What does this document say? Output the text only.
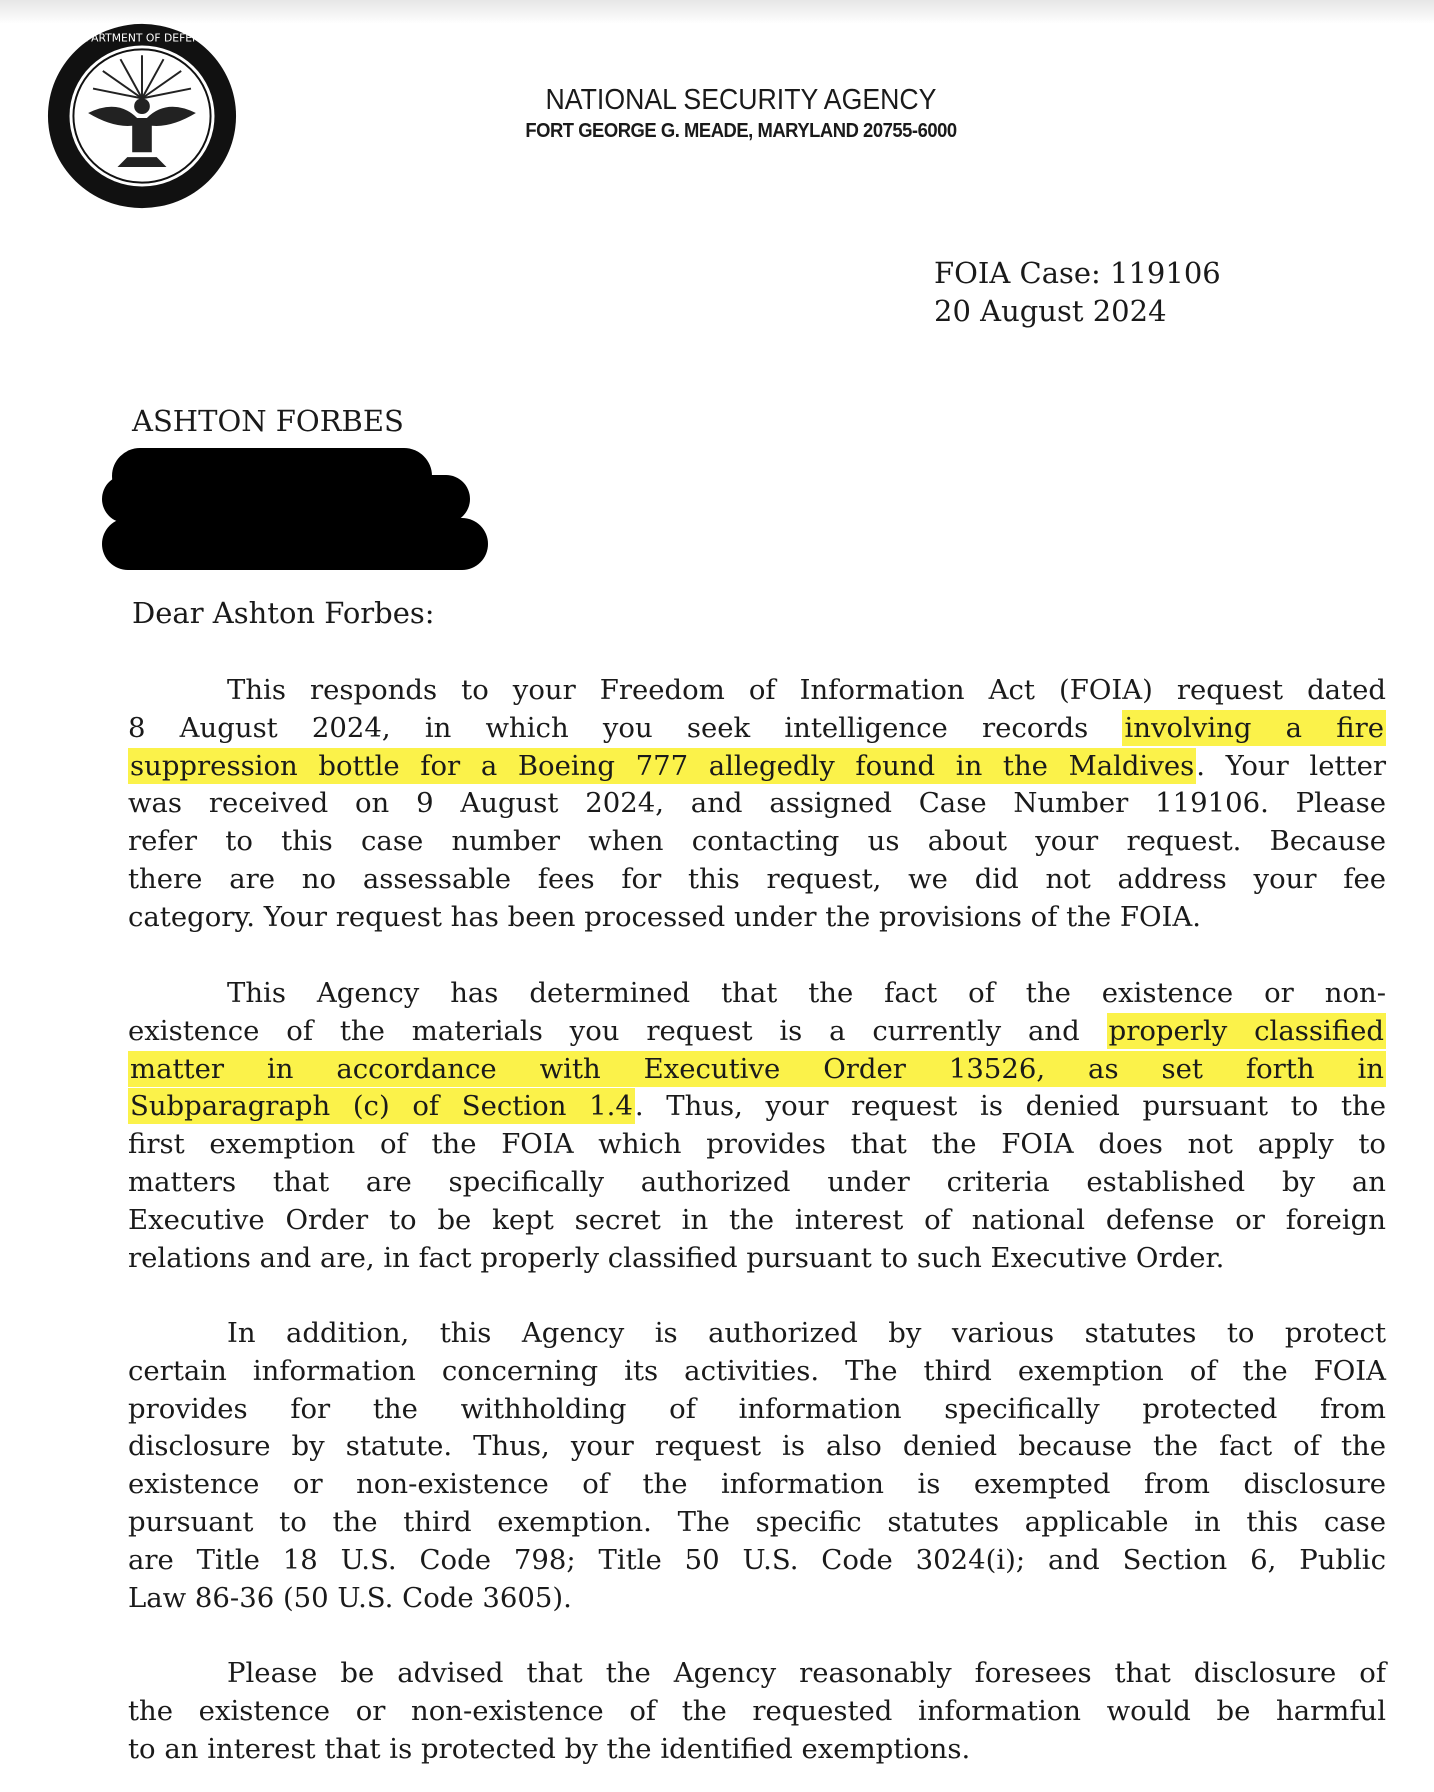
DEPARTMENT OF DEFENSE
NATIONAL SECURITY AGENCY
FORT GEORGE G. MEADE, MARYLAND 20755-6000
FOIA Case: 119106
20 August 2024
ASHTON FORBES
Dear Ashton Forbes:
This responds to your Freedom of Information Act (FOIA) request dated
8 August 2024, in which you seek intelligence records involving a fire
suppression bottle for a Boeing 777 allegedly found in the Maldives. Your letter
was received on 9 August 2024, and assigned Case Number 119106. Please
refer to this case number when contacting us about your request. Because
there are no assessable fees for this request, we did not address your fee
category. Your request has been processed under the provisions of the FOIA.
This Agency has determined that the fact of the existence or non-
existence of the materials you request is a currently and properly classified
matter in accordance with Executive Order 13526, as set forth in
Subparagraph (c) of Section 1.4. Thus, your request is denied pursuant to the
first exemption of the FOIA which provides that the FOIA does not apply to
matters that are specifically authorized under criteria established by an
Executive Order to be kept secret in the interest of national defense or foreign
relations and are, in fact properly classified pursuant to such Executive Order.
In addition, this Agency is authorized by various statutes to protect
certain information concerning its activities. The third exemption of the FOIA
provides for the withholding of information specifically protected from
disclosure by statute. Thus, your request is also denied because the fact of the
existence or non-existence of the information is exempted from disclosure
pursuant to the third exemption. The specific statutes applicable in this case
are Title 18 U.S. Code 798; Title 50 U.S. Code 3024(i); and Section 6, Public
Law 86-36 (50 U.S. Code 3605).
Please be advised that the Agency reasonably foresees that disclosure of
the existence or non-existence of the requested information would be harmful
to an interest that is protected by the identified exemptions.
